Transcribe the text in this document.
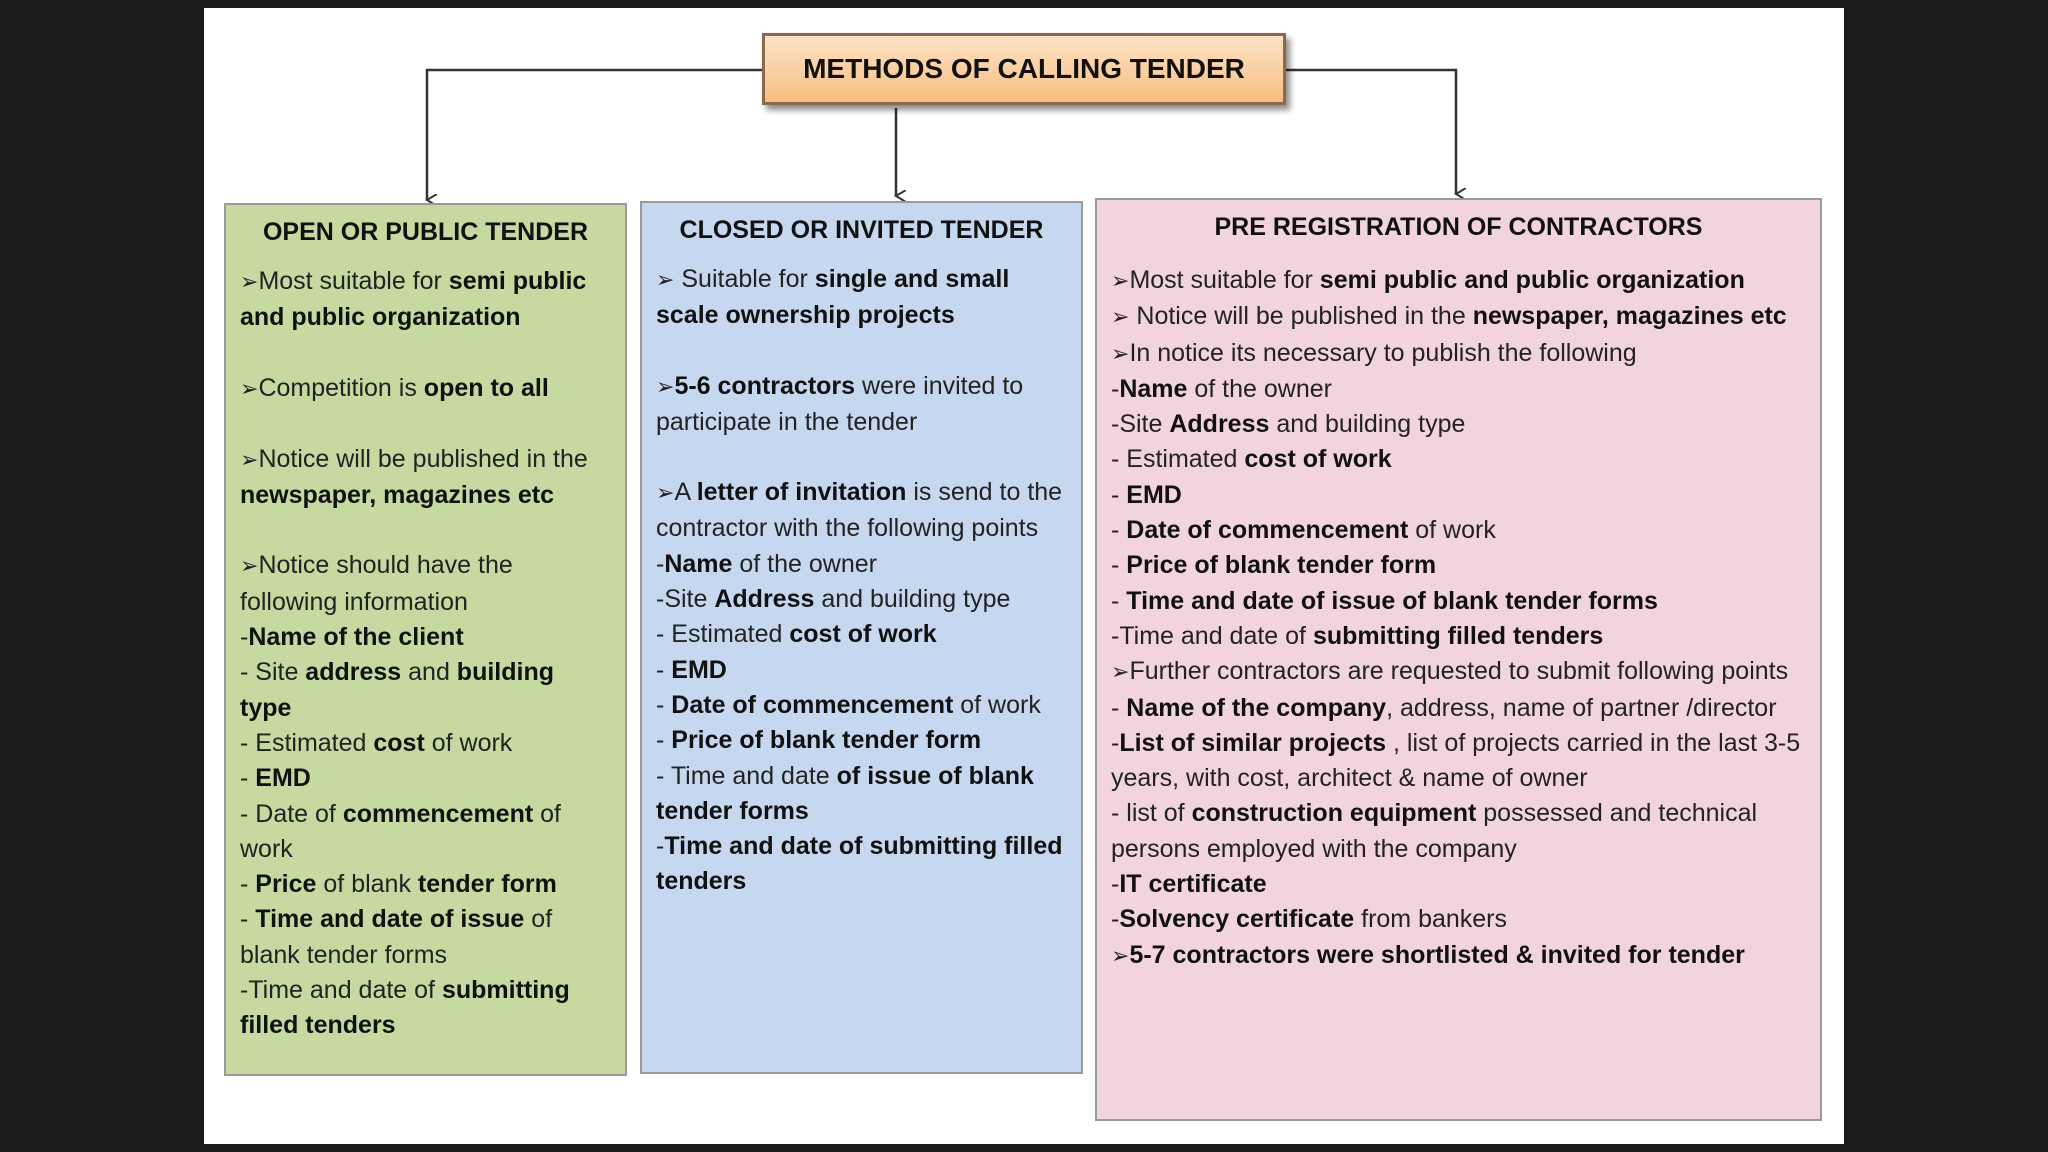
METHODS OF CALLING TENDER
OPEN OR PUBLIC TENDER

➢Most suitable for semi public and public organization

➢Competition is open to all

➢Notice will be published in the newspaper, magazines etc

➢Notice should have the following information

-Name of the client

- Site address and building type

- Estimated cost of work

- EMD

- Date of commencement of work

- Price of blank tender form

- Time and date of issue of blank tender forms

-Time and date of submitting filled tenders

CLOSED OR INVITED TENDER

➢ Suitable for single and small scale ownership projects

➢5-6 contractors were invited to participate in the tender

➢A letter of invitation is send to the contractor with the following points

-Name of the owner

-Site Address and building type

- Estimated cost of work

- EMD

- Date of commencement of work

- Price of blank tender form

- Time and date of issue of blank tender forms

-Time and date of submitting filled tenders

PRE REGISTRATION OF CONTRACTORS

➢Most suitable for semi public and public organization

➢ Notice will be published in the newspaper, magazines etc

➢In notice its necessary to publish the following

-Name of the owner

-Site Address and building type

- Estimated cost of work

- EMD

- Date of commencement of work

- Price of blank tender form

- Time and date of issue of blank tender forms

-Time and date of submitting filled tenders

➢Further contractors are requested to submit following points

- Name of the company, address, name of partner /director

-List of similar projects , list of projects carried in the last 3-5 years, with cost, architect & name of owner

- list of construction equipment possessed and technical persons employed with the company

-IT certificate

-Solvency certificate from bankers

➢5-7 contractors were shortlisted & invited for tender
